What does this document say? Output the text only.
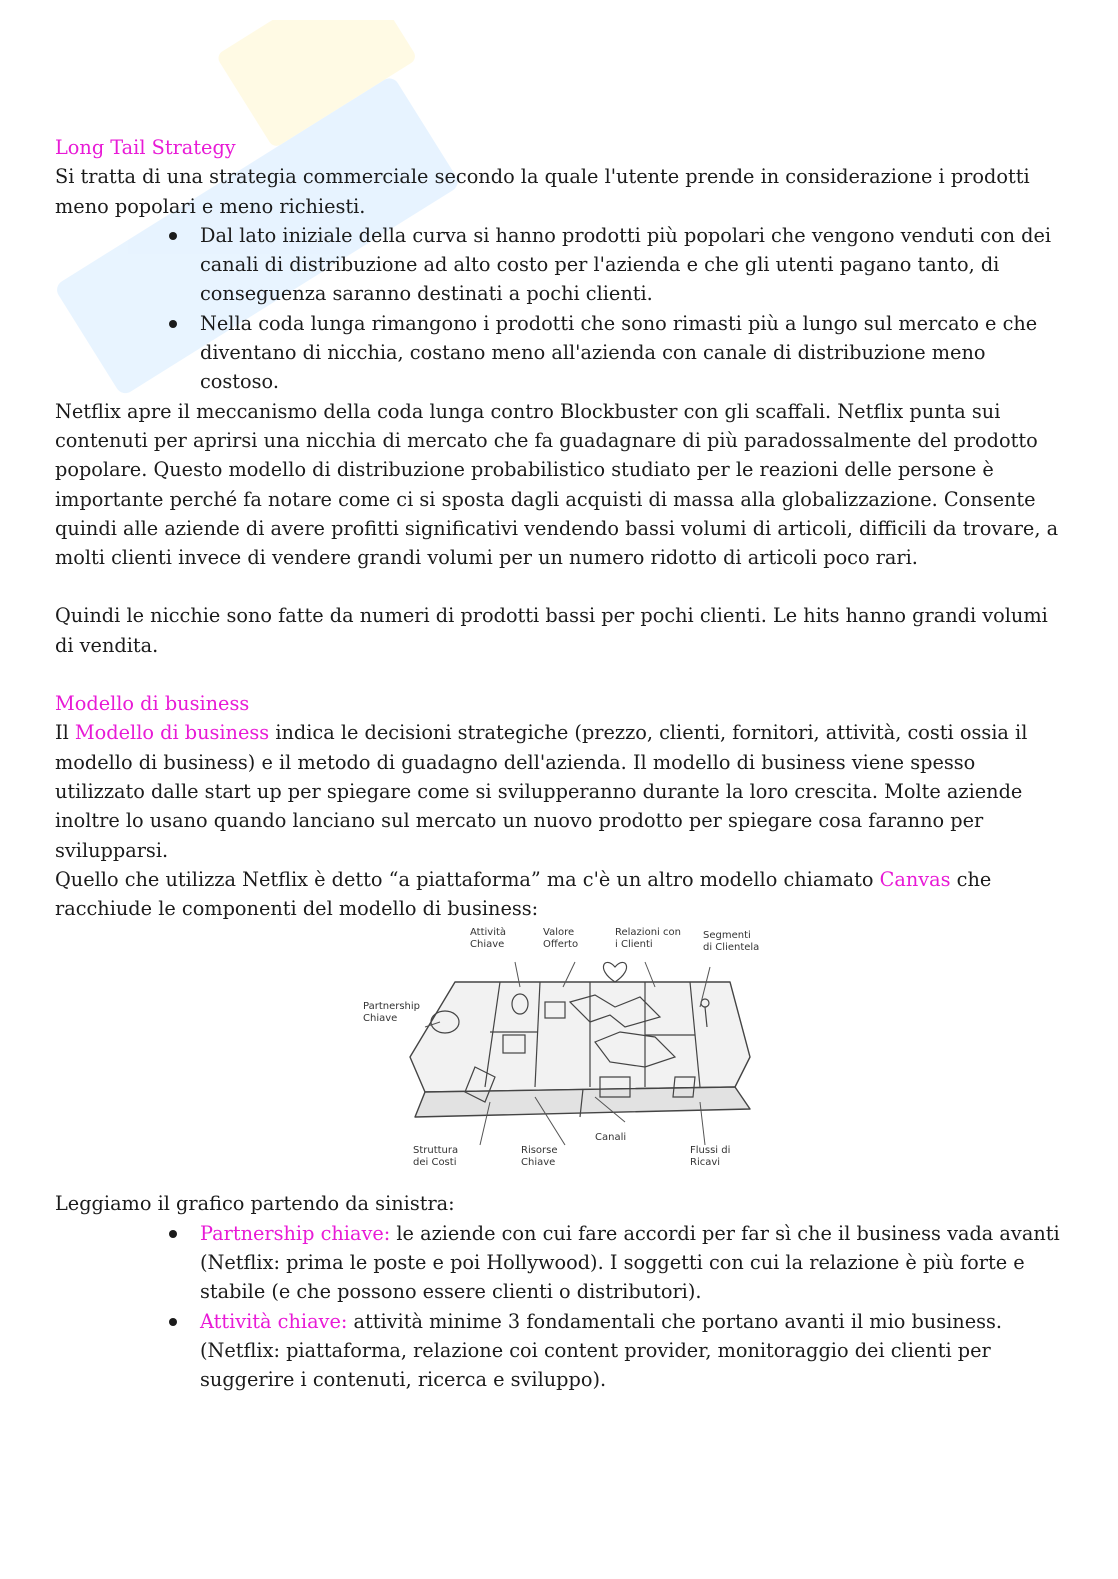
Long Tail Strategy

Si tratta di una strategia commerciale secondo la quale l'utente prende in considerazione i prodotti meno popolari e meno richiesti.

Dal lato iniziale della curva si hanno prodotti più popolari che vengono venduti con dei canali di distribuzione ad alto costo per l'azienda e che gli utenti pagano tanto, di conseguenza saranno destinati a pochi clienti.
Nella coda lunga rimangono i prodotti che sono rimasti più a lungo sul mercato e che diventano di nicchia, costano meno all'azienda con canale di distribuzione meno costoso.

Netflix apre il meccanismo della coda lunga contro Blockbuster con gli scaffali. Netflix punta sui contenuti per aprirsi una nicchia di mercato che fa guadagnare di più paradossalmente del prodotto popolare. Questo modello di distribuzione probabilistico studiato per le reazioni delle persone è importante perché fa notare come ci si sposta dagli acquisti di massa alla globalizzazione. Consente quindi alle aziende di avere profitti significativi vendendo bassi volumi di articoli, difficili da trovare, a molti clienti invece di vendere grandi volumi per un numero ridotto di articoli poco rari.

Quindi le nicchie sono fatte da numeri di prodotti bassi per pochi clienti. Le hits hanno grandi volumi di vendita.

Modello di business

Il Modello di business indica le decisioni strategiche (prezzo, clienti, fornitori, attività, costi ossia il modello di business) e il metodo di guadagno dell'azienda. Il modello di business viene spesso utilizzato dalle start up per spiegare come si svilupperanno durante la loro crescita. Molte aziende inoltre lo usano quando lanciano sul mercato un nuovo prodotto per spiegare cosa faranno per svilupparsi.

Quello che utilizza Netflix è detto “a piattaforma” ma c'è un altro modello chiamato Canvas che racchiude le componenti del modello di business:

Attività
Chiave
Valore
Offerto
Relazioni con
i Clienti
Segmenti
di Clientela
Partnership
Chiave
Struttura
dei Costi
Risorse
Chiave
Canali
Flussi di
Ricavi

Leggiamo il grafico partendo da sinistra:

Partnership chiave: le aziende con cui fare accordi per far sì che il business vada avanti (Netflix: prima le poste e poi Hollywood). I soggetti con cui la relazione è più forte e stabile (e che possono essere clienti o distributori).
Attività chiave: attività minime 3 fondamentali che portano avanti il mio business. (Netflix: piattaforma, relazione coi content provider, monitoraggio dei clienti per suggerire i contenuti, ricerca e sviluppo).
